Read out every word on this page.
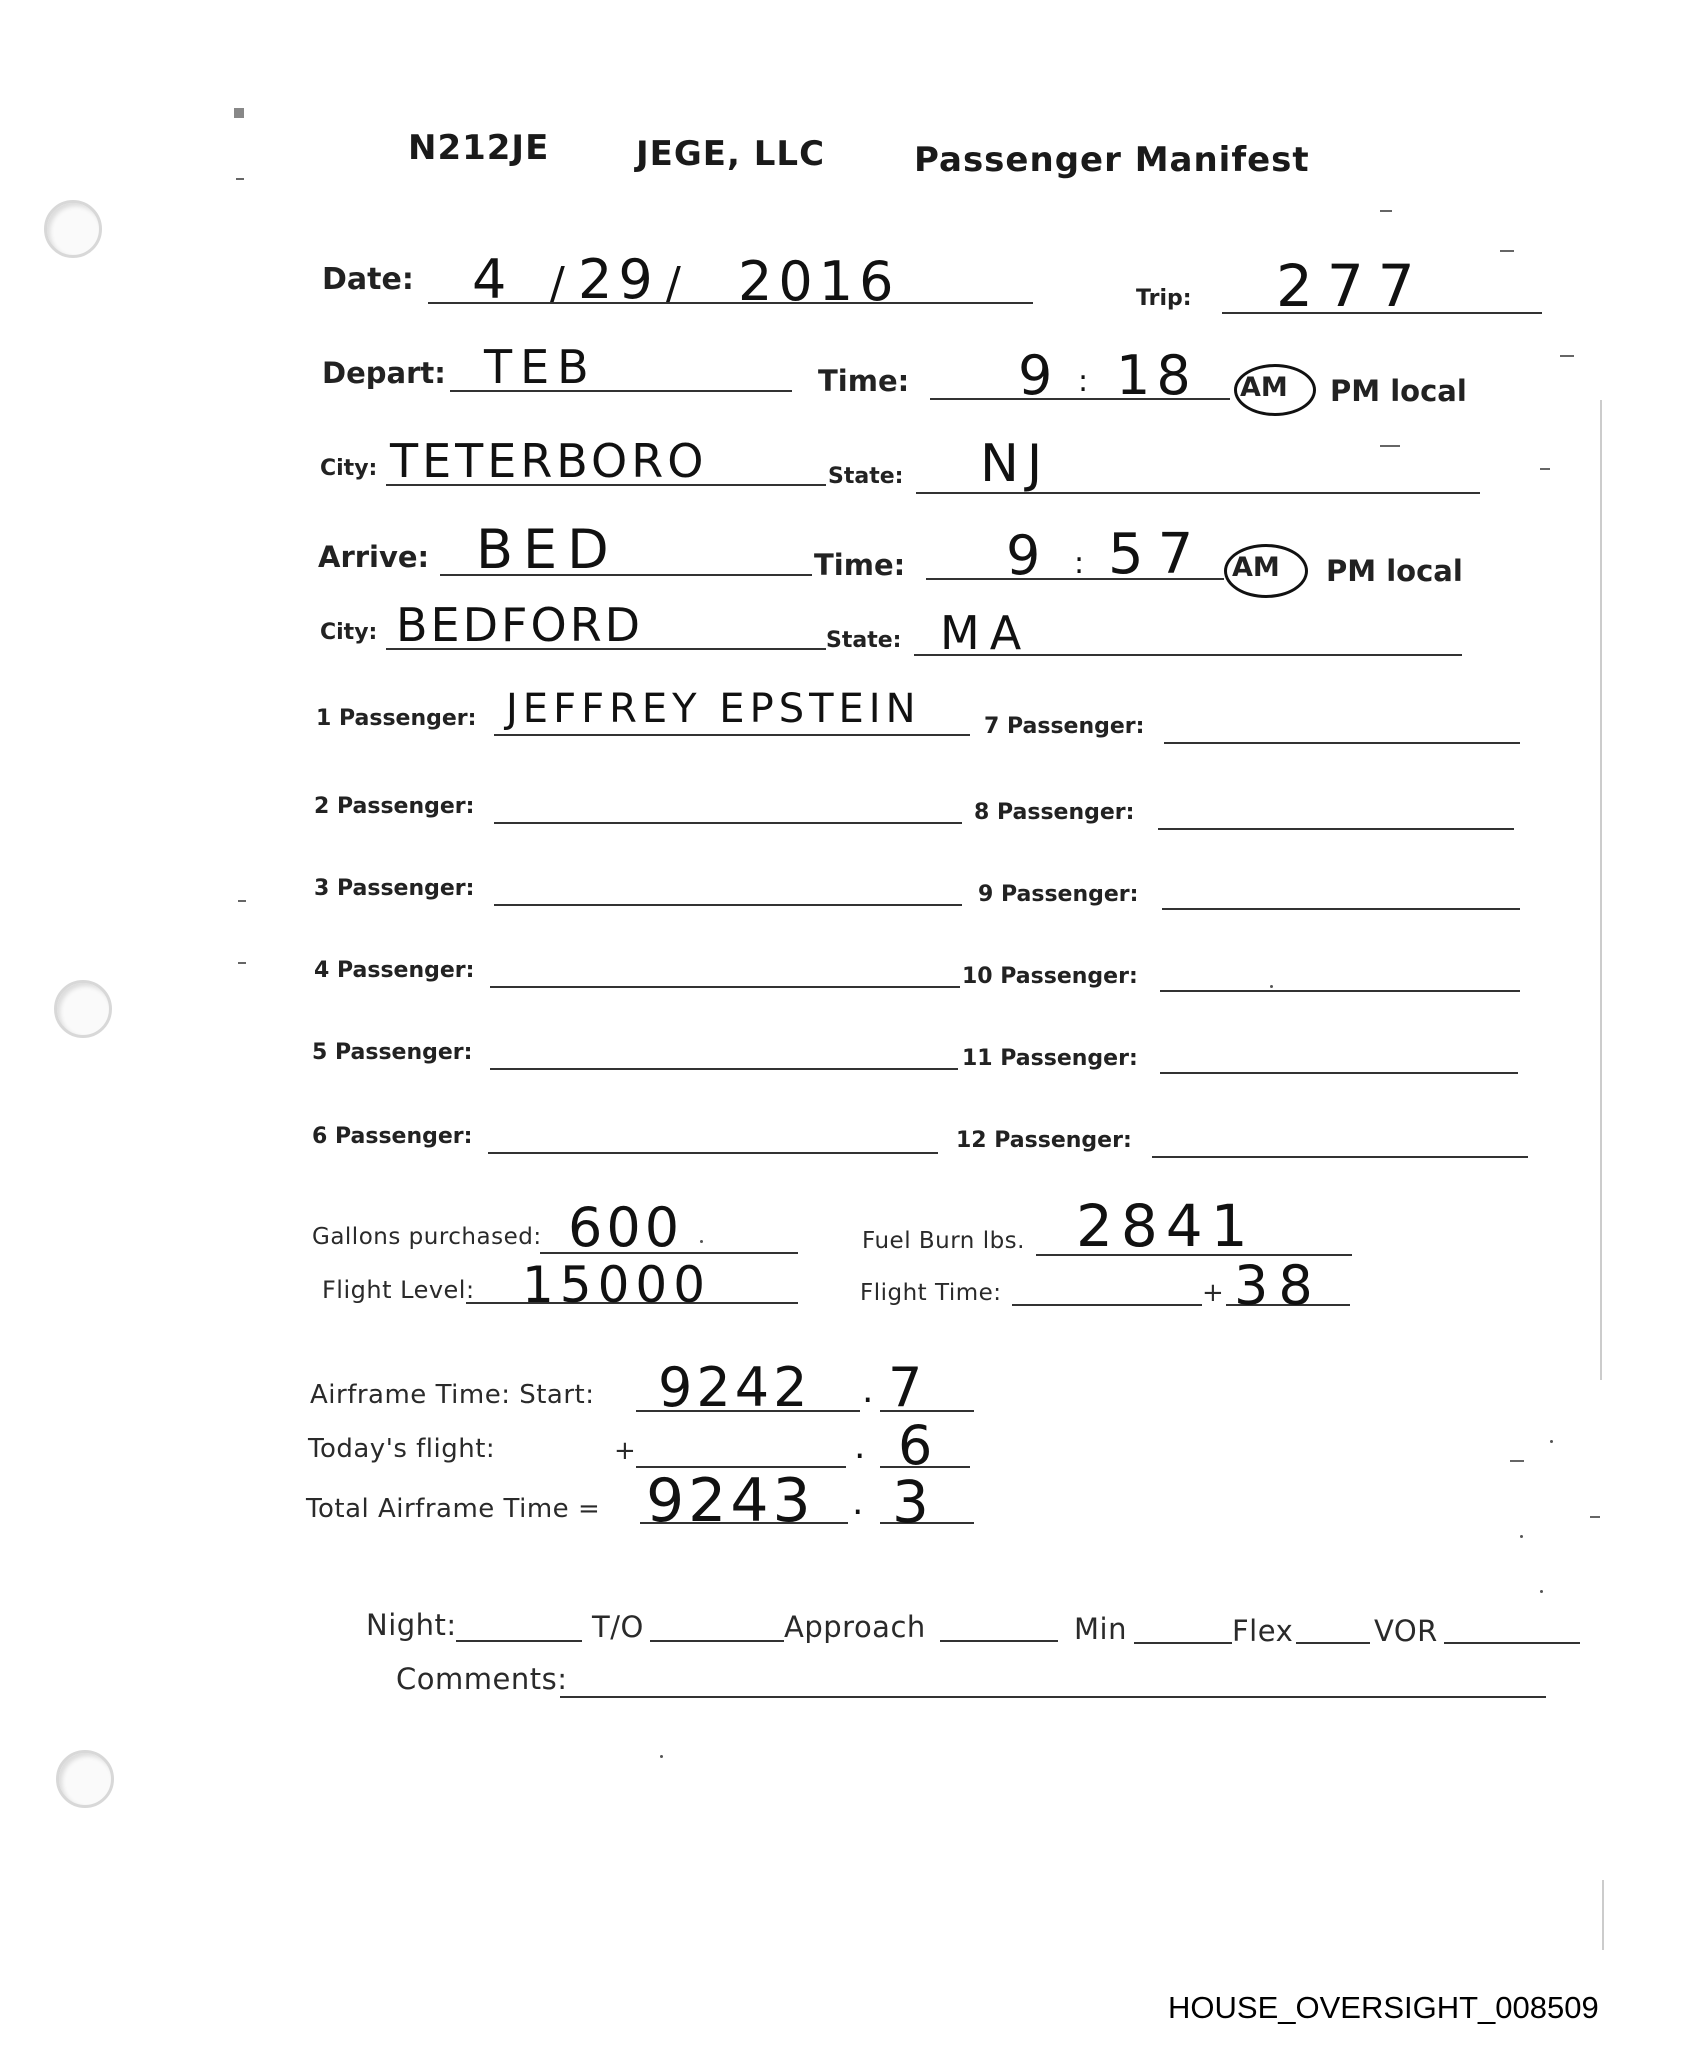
N212JE	JEGE, LLC	Passenger Manifest
Date: 4 / 29 / 2016	Trip: 277
Depart: TEB	Time: 9 : 18 AM PM local
City: TETERBORO	State: NJ
Arrive: BED	Time: 9 : 57 AM PM local
City: BEDFORD	State: MA
1 Passenger: JEFFREY EPSTEIN
2 Passenger:
3 Passenger:
4 Passenger:
5 Passenger:
6 Passenger:
7 Passenger:
8 Passenger:
9 Passenger:
10 Passenger:
11 Passenger:
12 Passenger:
Gallons purchased: 600	Fuel Burn lbs. 2841
Flight Level: 15000	Flight Time:	+ 38
Airframe Time: Start: 9242 . 7
Today's flight:	+	. 6
Total Airframe Time = 9243 . 3
Night:	T/O	Approach	Min	Flex	VOR
Comments:
HOUSE_OVERSIGHT_008509
